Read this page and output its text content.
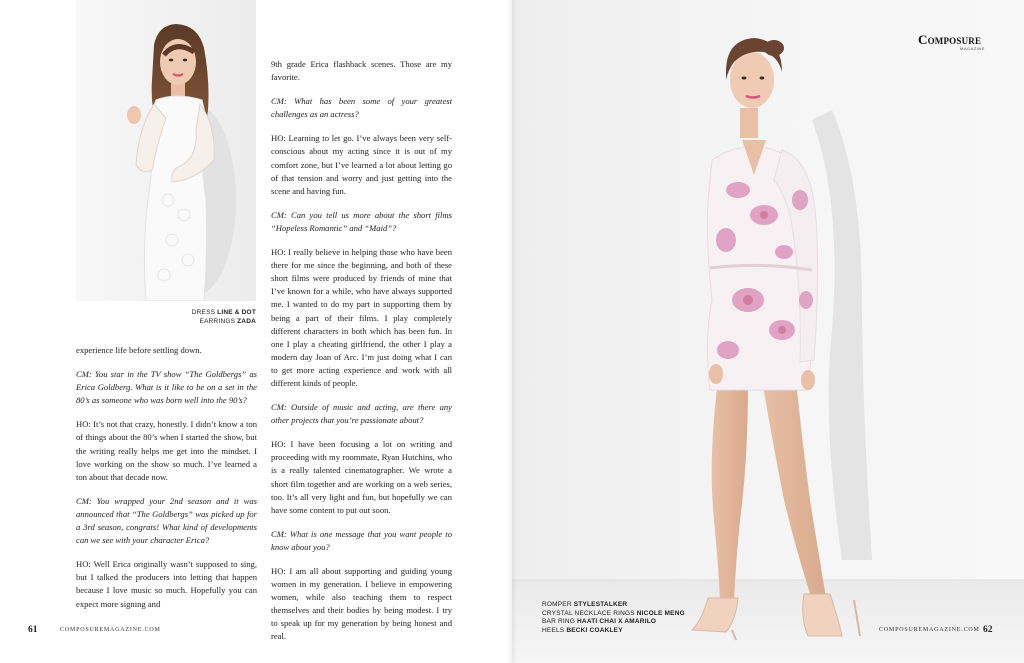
DRESS LINE & DOT
EARRINGS ZADA

experience life before settling down.

CM: You star in the TV show “The Goldbergs” as Erica Goldberg. What is it like to be on a set in the 80’s as someone who was born well into the 90’s?

HO: It’s not that crazy, honestly. I didn’t know a ton of things about the 80’s when I started the show, but the writing really helps me get into the mindset. I love working on the show so much. I’ve learned a ton about that decade now.

CM: You wrapped your 2nd season and it was announced that “The Goldbergs” was picked up for a 3rd season, congrats! What kind of developments can we see with your character Erica?

HO: Well Erica originally wasn’t supposed to sing, but I talked the producers into letting that happen because I love music so much. Hopefully you can expect more signing and

9th grade Erica flashback scenes. Those are my favorite.

CM: What has been some of your greatest challenges as an actress?

HO: Learning to let go. I’ve always been very self-conscious about my acting since it is out of my comfort zone, but I’ve learned a lot about letting go of that tension and worry and just getting into the scene and having fun.

CM: Can you tell us more about the short films “Hopeless Romantic” and “Maid”?

HO: I really believe in helping those who have been there for me since the beginning, and both of these short films were produced by friends of mine that I’ve known for a while, who have always supported me. I wanted to do my part in supporting them by being a part of their films. I play completely different characters in both which has been fun. In one I play a cheating girlfriend, the other I play a modern day Joan of Arc. I’m just doing what I can to get more acting experience and work with all different kinds of people.

CM: Outside of music and acting, are there any other projects that you’re passionate about?

HO: I have been focusing a lot on writing and proceeding with my roommate, Ryan Hutchins, who is a really talented cinematographer. We wrote a short film together and are working on a web series, too. It’s all very light and fun, but hopefully we can have some content to put out soon.

CM: What is one message that you want people to know about you?

HO: I am all about supporting and guiding young women in my generation. I believe in empowering women, while also teaching them to respect themselves and their bodies by being modest. I try to speak up for my generation by being honest and real.

61	COMPOSUREMAGAZINE.COM
ROMPER STYLESTALKER
CRYSTAL NECKLACE RINGS NICOLE MENG
BAR RING HAATI CHAI X AMARILO
HEELS BECKI COAKLEY
Composure
MAGAZINE
COMPOSUREMAGAZINE.COM 62
